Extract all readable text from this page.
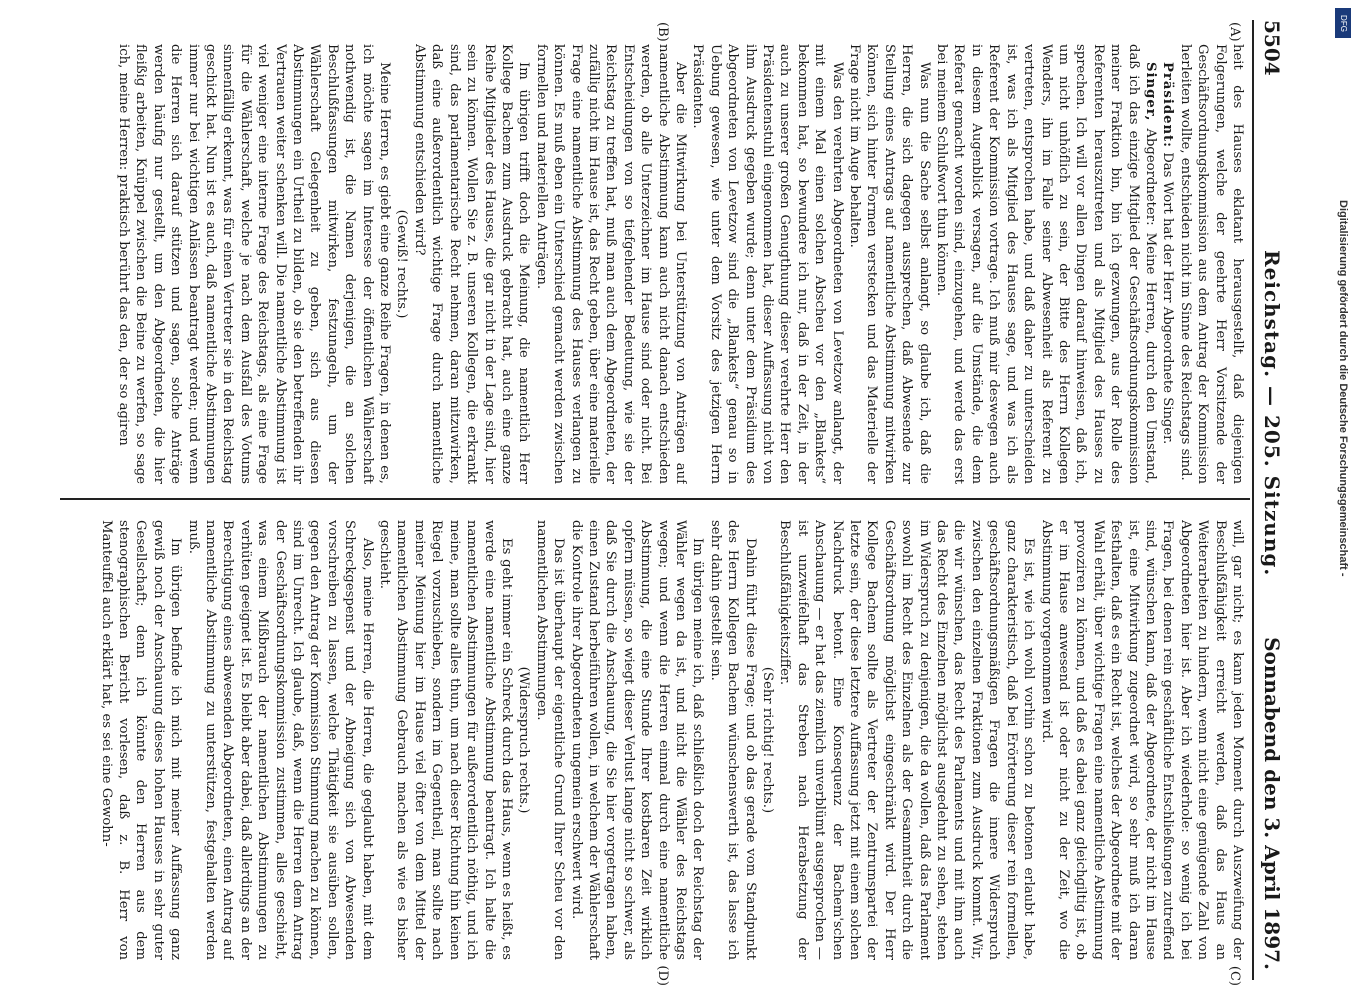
5504
Reichstag. — 205. Sitzung.
Sonnabend den 3. April 1897.
(A)
(B)
(C)
(D)

heit des Hauses eklatant herausgestellt, daß diejenigen Folgerungen, welche der geehrte Herr Vorsitzende der Geschäftsordnungskommission aus dem Antrag der Kommission herleiten wollte, entschieden nicht im Sinne des Reichstags sind.

Präsident: Das Wort hat der Herr Abgeordnete Singer.

Singer, Abgeordneter: Meine Herren, durch den Umstand, daß ich das einzige Mitglied der Geschäftsordnungskommission meiner Fraktion bin, bin ich gezwungen, aus der Rolle des Referenten herauszutreten und als Mitglied des Hauses zu sprechen. Ich will vor allen Dingen darauf hinweisen, daß ich, um nicht unhöflich zu sein, der Bitte des Herrn Kollegen Wenders, ihn im Falle seiner Abwesenheit als Referent zu vertreten, entsprochen habe, und daß daher zu unterscheiden ist, was ich als Mitglied des Hauses sage, und was ich als Referent der Kommission vortrage. Ich muß mir deswegen auch in diesem Augenblick versagen, auf die Umstände, die dem Referat gemacht worden sind, einzugehen, und werde das erst bei meinem Schlußwort thun können.

Was nun die Sache selbst anlangt, so glaube ich, daß die Herren, die sich dagegen aussprechen, daß Abwesende zur Stellung eines Antrags auf namentliche Abstimmung mitwirken können, sich hinter Formen verstecken und das Materielle der Frage nicht im Auge behalten.

Was den verehrten Abgeordneten von Levetzow anlangt, der mit einem Mal einen solchen Abscheu vor den „Blankets“ bekommen hat, so bewundere ich nur, daß in der Zeit, in der auch zu unserer großen Genugthuung dieser verehrte Herr den Präsidentenstuhl eingenommen hat, dieser Auffassung nicht von ihm Ausdruck gegeben wurde; denn unter dem Präsidium des Abgeordneten von Levetzow sind die „Blankets“ genau so in Uebung gewesen, wie unter dem Vorsitz des jetzigen Herrn Präsidenten.

Aber die Mitwirkung bei Unterstützung von Anträgen auf namentliche Abstimmung kann auch nicht danach entschieden werden, ob alle Unterzeichner im Hause sind oder nicht. Bei Entscheidungen von so tiefgehender Bedeutung, wie sie der Reichstag zu treffen hat, muß man auch dem Abgeordneten, der zufällig nicht im Hause ist, das Recht geben, über eine materielle Frage eine namentliche Abstimmung des Hauses verlangen zu können. Es muß eben ein Unterschied gemacht werden zwischen formellen und materiellen Anträgen.

Im übrigen trifft doch die Meinung, die namentlich Herr Kollege Bachem zum Ausdruck gebracht hat, auch eine ganze Reihe Mitglieder des Hauses, die gar nicht in der Lage sind, hier sein zu können. Wollen Sie z. B. unseren Kollegen, die erkrankt sind, das parlamentarische Recht nehmen, daran mitzuwirken, daß eine außerordentlich wichtige Frage durch namentliche Abstimmung entschieden wird?

(Gewiß! rechts.)

Meine Herren, es giebt eine ganze Reihe Fragen, in denen es, ich möchte sagen im Interesse der öffentlichen Wählerschaft nothwendig ist, die Namen derjenigen, die an solchen Beschlußfassungen mitwirken, festzunageln, um der Wählerschaft Gelegenheit zu geben, sich aus diesen Abstimmungen ein Urtheil zu bilden, ob sie den betreffenden ihr Vertrauen weiter schenken will. Die namentliche Abstimmung ist viel weniger eine interne Frage des Reichstags, als eine Frage für die Wählerschaft, welche je nach dem Ausfall des Votums sinnenfällig erkennt, was für einen Vertreter sie in den Reichstag geschickt hat. Nun ist es auch, daß namentliche Abstimmungen immer nur bei wichtigen Anlässen beantragt werden; und wenn die Herren sich darauf stützen und sagen, solche Anträge werden häufig nur gestellt, um den Abgeordneten, die hier fleißig arbeiten, Knüppel zwischen die Beine zu werfen, so sage ich, meine Herren: praktisch berührt das den, der so agiren

will, gar nicht; es kann jeden Moment durch Auszweifung der Beschlußfähigkeit erreicht werden, daß das Haus an Weiterarbeiten zu hindern, wenn nicht eine genügende Zahl von Abgeordneten hier ist. Aber ich wiederhole: so wenig ich bei Fragen, bei denen rein geschäftliche Entschließungen zutreffend sind, wünschen kann, daß der Abgeordnete, der nicht im Hause ist, eine Mitwirkung zugeordnet wird, so sehr muß ich daran festhalten, daß es ein Recht ist, welches der Abgeordnete mit der Wahl erhält, über wichtige Fragen eine namentliche Abstimmung provoziren zu können, und daß es dabei ganz gleichgiltig ist, ob er im Hause anwesend ist oder nicht zu der Zeit, wo die Abstimmung vorgenommen wird.

Es ist, wie ich wohl vorhin schon zu betonen erlaubt habe, ganz charakteristisch, daß bei Erörterung dieser rein formellen, geschäftsordnungsmäßigen Fragen die innere Widerspruch zwischen den einzelnen Fraktionen zum Ausdruck kommt. Wir, die wir wünschen, das Recht des Parlaments und mit ihm auch das Recht des Einzelnen möglichst ausgedehnt zu sehen, stehen im Widerspruch zu denjenigen, die da wollen, daß das Parlament sowohl im Recht des Einzelnen als der Gesammtheit durch die Geschäftsordnung möglichst eingeschränkt wird. Der Herr Kollege Bachem sollte als Vertreter der Zentrumspartei der letzte sein, der diese letztere Auffassung jetzt mit einem solchen Nachdruck betont. Eine Konsequenz der Bachem'schen Anschauung — er hat das ziemlich unverblümt ausgesprochen — ist unzweifelhaft das Streben nach Herabsetzung der Beschlußfähigkeitsziffer.

(Sehr richtig! rechts.)

Dahin führt diese Frage; und ob das gerade vom Standpunkt des Herrn Kollegen Bachem wünschenswerth ist, das lasse ich sehr dahin gestellt sein.

Im übrigen meine ich, daß schließlich doch der Reichstag der Wähler wegen da ist, und nicht die Wähler des Reichstags wegen; und wenn die Herren einmal durch eine namentliche Abstimmung, die eine Stunde Ihrer kostbaren Zeit wirklich opfern müssen, so wiegt dieser Verlust lange nicht so schwer, als daß Sie durch die Anschauung, die Sie hier vorgetragen haben, einen Zustand herbeiführen wollen, in welchem der Wählerschaft die Kontrole ihrer Abgeordneten ungemein erschwert wird.

Das ist überhaupt der eigentliche Grund Ihrer Scheu vor den namentlichen Abstimmungen.

(Widerspruch rechts.)

Es geht immer ein Schreck durch das Haus, wenn es heißt, es werde eine namentliche Abstimmung beantragt. Ich halte die namentlichen Abstimmungen für außerordentlich nöthig, und ich meine, man sollte alles thun, um nach dieser Richtung hin keinen Riegel vorzuschieben, sondern im Gegentheil, man sollte nach meiner Meinung hier im Hause viel öfter von dem Mittel der namentlichen Abstimmung Gebrauch machen als wie es bisher geschieht.

Also, meine Herren, die Herren, die geglaubt haben, mit dem Schreckgespenst und der Abneigung sich von Abwesenden vorschreiben zu lassen, welche Thätigkeit sie ausüben sollen, gegen den Antrag der Kommission Stimmung machen zu können, sind im Unrecht. Ich glaube, daß, wenn die Herren dem Antrag der Geschäftsordnungskommission zustimmen, alles geschieht, was einem Mißbrauch der namentlichen Abstimmungen zu verhüten geeignet ist. Es bleibt aber dabei, daß allerdings an der Berechtigung eines abwesenden Abgeordneten, einen Antrag auf namentliche Abstimmung zu unterstützen, festgehalten werden muß.

Im übrigen befinde ich mich mit meiner Auffassung ganz gewiß noch der Anschauung dieses hohen Hauses in sehr guter Gesellschaft; denn ich könnte den Herren aus dem stenographischen Bericht vorlesen, daß z. B. Herr von Manteuffel auch erklärt hat, es sei eine Gewohn-

DFG
Digitalisierung gefördert durch die Deutsche Forschungsgemeinschaft -
